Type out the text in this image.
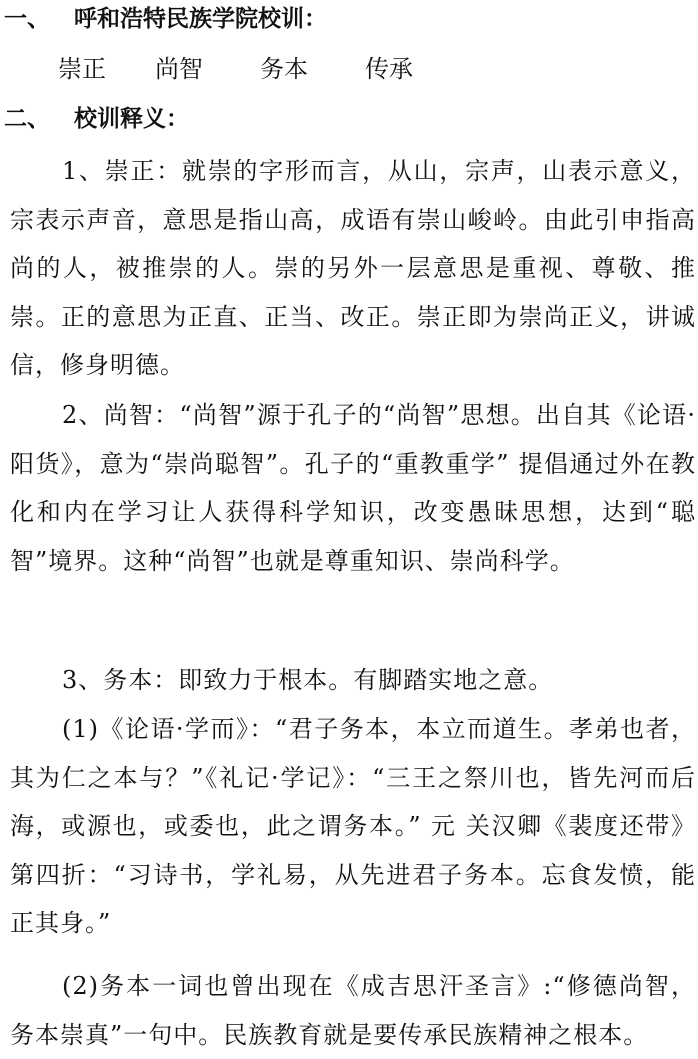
一、 呼和浩特民族学院校训：
崇正 尚智 务本 传承
二、 校训释义：

1、崇正：就崇的字形而言，从山，宗声，山表示意义，宗表示声音，意思是指山高，成语有崇山峻岭。由此引申指高尚的人，被推崇的人。崇的另外一层意思是重视、尊敬、推崇。正的意思为正直、正当、改正。崇正即为崇尚正义，讲诚信，修身明德。

2、尚智：“尚智”源于孔子的“尚智”思想。出自其《论语·阳货》，意为“崇尚聪智”。孔子的“重教重学” 提倡通过外在教化和内在学习让人获得科学知识，改变愚昧思想，达到“聪智”境界。这种“尚智”也就是尊重知识、崇尚科学。

3、务本：即致力于根本。有脚踏实地之意。

(1)《论语·学而》：“君子务本，本立而道生。孝弟也者，其为仁之本与？”《礼记·学记》：“三王之祭川也，皆先河而后海，或源也，或委也，此之谓务本。” 元 关汉卿《裴度还带》第四折：“习诗书，学礼易，从先进君子务本。忘食发愤，能正其身。”

(2)务本一词也曾出现在《成吉思汗圣言》:“修德尚智，务本崇真”一句中。民族教育就是要传承民族精神之根本。
